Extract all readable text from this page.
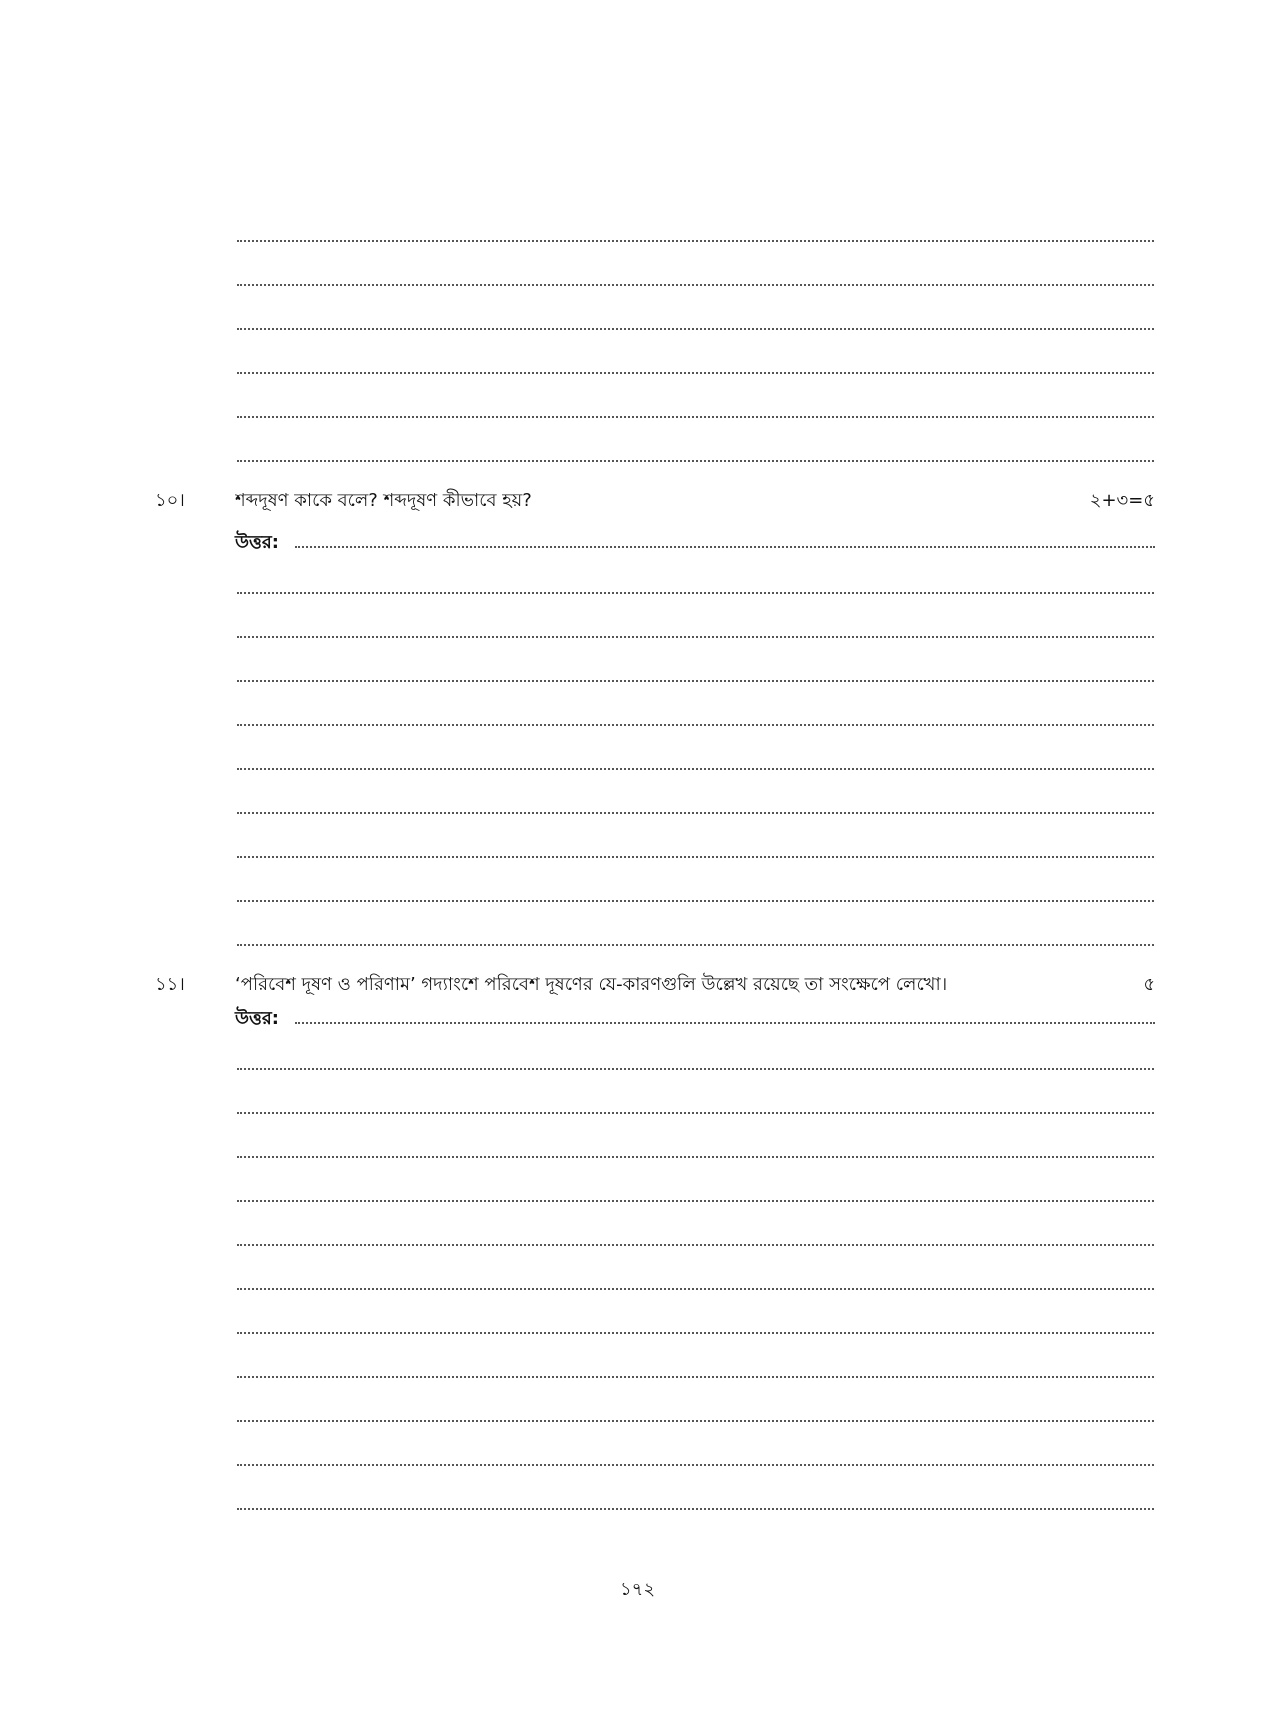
১০।	শব্দদূষণ কাকে বলে? শব্দদূষণ কীভাবে হয়?	২+৩=৫
উত্তর:
১১।	‘পরিবেশ দূষণ ও পরিণাম’ গদ্যাংশে পরিবেশ দূষণের যে-কারণগুলি উল্লেখ রয়েছে তা সংক্ষেপে লেখো।	৫
উত্তর:
১৭২
